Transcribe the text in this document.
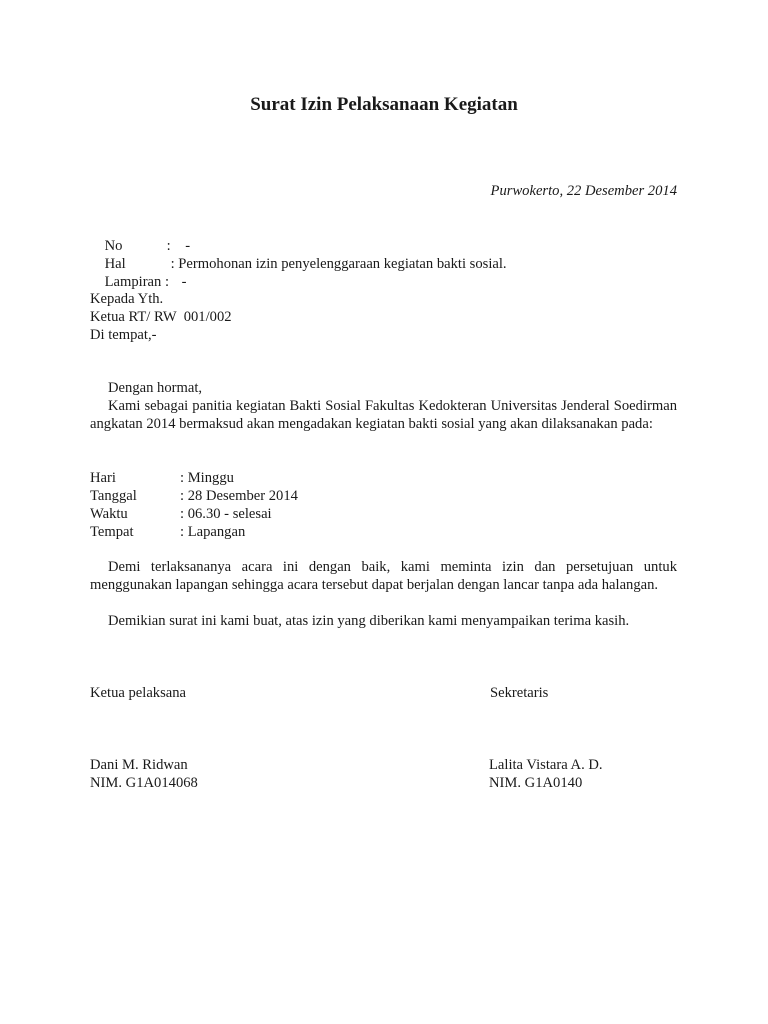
Surat Izin Pelaksanaan Kegiatan
Purwokerto, 22 Desember 2014

No	:    -

Hal	: Permohonan izin penyelenggaraan kegiatan bakti sosial.

Lampiran : -

Kepada Yth.
Ketua RT/ RW  001/002
Di tempat,-
Dengan hormat,
Kami sebagai panitia kegiatan Bakti Sosial Fakultas Kedokteran Universitas Jenderal Soedirman angkatan 2014 bermaksud akan mengadakan kegiatan bakti sosial yang akan dilaksanakan pada:
Hari	: Minggu
Tanggal	: 28 Desember 2014
Waktu	: 06.30 - selesai
Tempat	: Lapangan
Demi terlaksananya acara ini dengan baik, kami meminta izin dan persetujuan untuk menggunakan lapangan sehingga acara tersebut dapat berjalan dengan lancar tanpa ada halangan.
Demikian surat ini kami buat, atas izin yang diberikan kami menyampaikan terima kasih.
Ketua pelaksana	Sekretaris
Dani M. Ridwan	Lalita Vistara A. D.
NIM. G1A014068	NIM. G1A0140
